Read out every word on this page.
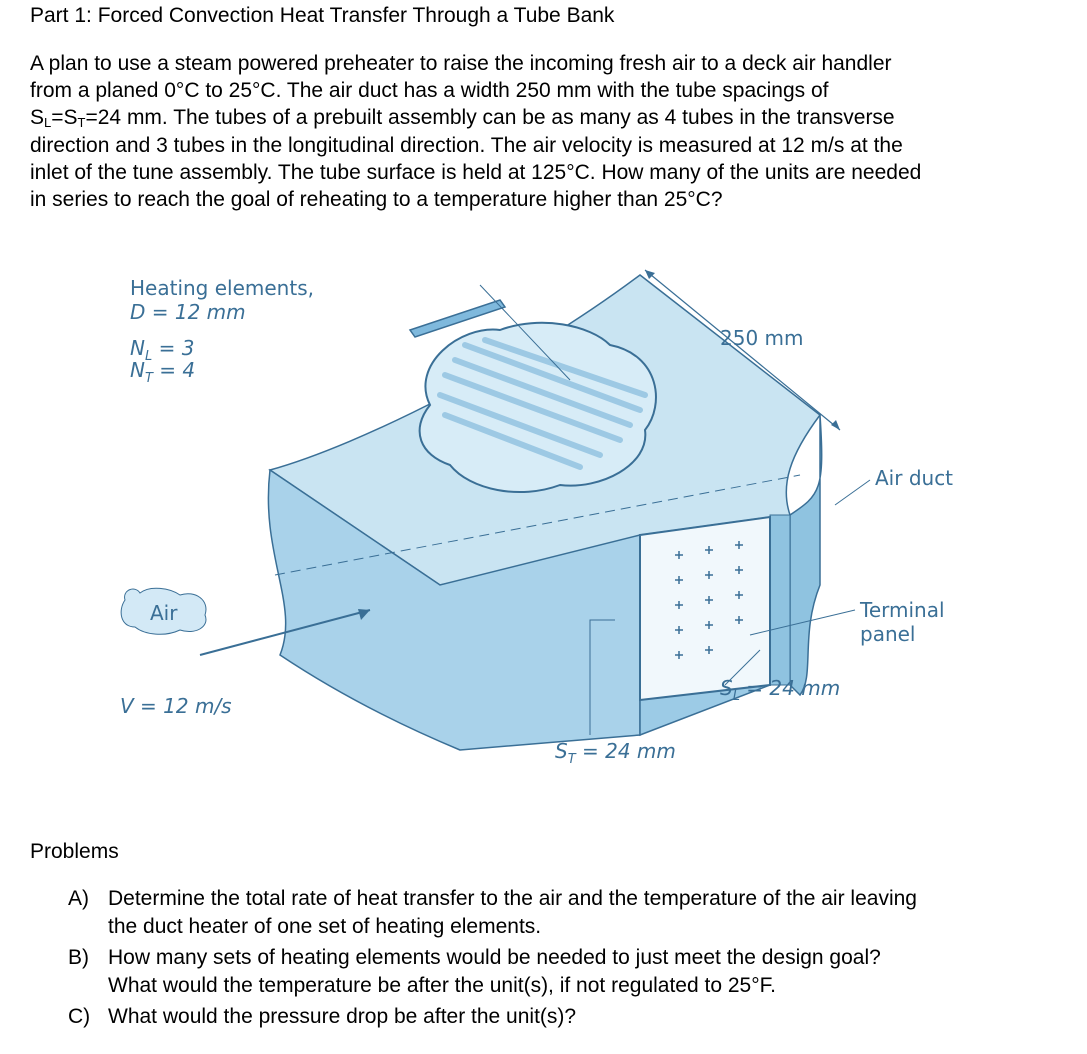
Part 1: Forced Convection Heat Transfer Through a Tube Bank

A plan to use a steam powered preheater to raise the incoming fresh air to a deck air handler
from a planed 0°C to 25°C. The air duct has a width 250 mm with the tube spacings of
$S_L=S_T=24$ mm. The tubes of a prebuilt assembly can be as many as 4 tubes in the transverse
direction and 3 tubes in the longitudinal direction. The air velocity is measured at 12 m/s at the
inlet of the tune assembly. The tube surface is held at 125°C. How many of the units are needed
in series to reach the goal of reheating to a temperature higher than 25°C?

Heating elements,
D = 12 mm
$N_L = 3$
$N_T = 4$
250 mm
Air duct
Air	Terminal
panel
V = 12 m/s
$S_L = 24$ mm
$S_T = 24$ mm
Problems
A) Determine the total rate of heat transfer to the air and the temperature of the air leaving
the duct heater of one set of heating elements.
B) How many sets of heating elements would be needed to just meet the design goal?
What would the temperature be after the unit(s), if not regulated to 25°F.
C) What would the pressure drop be after the unit(s)?
